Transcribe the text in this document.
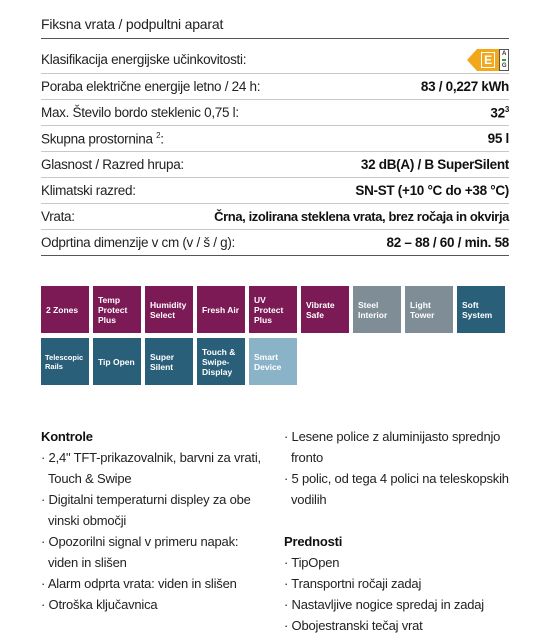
Fiksna vrata / podpultni aparat
Klasifikacija energijske učinkovitosti:	E	A
G
Poraba električne energije letno / 24 h:	83 / 0,227 kWh
Max. Število bordo steklenic 0,75 l:	$32^3$
Skupna prostornina $^2$:	95 l
Glasnost / Razred hrupa:	32 dB(A) / B SuperSilent
Klimatski razred:	SN-ST (+10 °C do +38 °C)
Vrata:	Črna, izolirana steklena vrata, brez ročaja in okvirja
Odprtina dimenzije v cm (v / š / g):	82 – 88 / 60 / min. 58
2 Zones
Temp Protect Plus
Humidity Select	Fresh Air
UV Protect Plus
Vibrate Safe
Steel Interior
Light Tower
Soft System
Telescopic Rails	Tip Open	Super Silent
Touch & Swipe-Display
Smart Device
Kontrole
· 2,4" TFT-prikazovalnik, barvni za vrati, Touch & Swipe
· Digitalni temperaturni displey za obe vinski območji
· Opozorilni signal v primeru napak: viden in slišen
· Alarm odprta vrata: viden in slišen
· Otroška ključavnica
· Lesene police z aluminijasto sprednjo fronto
· 5 polic, od tega 4 polici na teleskopskih vodilih
Prednosti
· TipOpen
· Transportni ročaji zadaj
· Nastavljive nogice spredaj in zadaj
· Obojestranski tečaj vrat
